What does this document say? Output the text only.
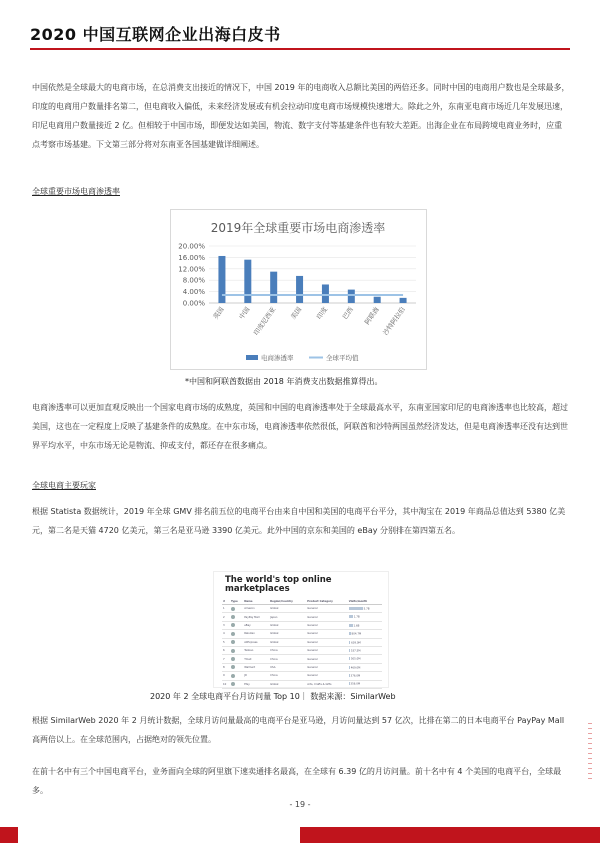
2020 中国互联网企业出海白皮书
中国依然是全球最大的电商市场，在总消费支出接近的情况下，中国 2019 年的电商收入总额比美国的两倍还多。同时中国的电商用户数也是全球最多，印度的电商用户数量排名第二，但电商收入偏低，未来经济发展或有机会拉动印度电商市场规模快速增大。除此之外，东南亚电商市场近几年发展迅速，印尼电商用户数量接近 2 亿。但相较于中国市场，即便发达如美国，物流、数字支付等基建条件也有较大差距。出海企业在布局跨境电商业务时，应重点考察市场基建。下文第三部分将对东南亚各国基建做详细阐述。
全球重要市场电商渗透率
2019年全球重要市场电商渗透率
20.00%
16.00%
12.00%
8.00%
4.00%
0.00%
英国 中国 印度尼西亚 美国 印度 巴西 阿联酋 沙特阿拉伯
电商渗透率	全球平均值
*中国和阿联酋数据由 2018 年消费支出数据推算得出。
电商渗透率可以更加直观反映出一个国家电商市场的成熟度，英国和中国的电商渗透率处于全球最高水平，东南亚国家印尼的电商渗透率也比较高，超过美国，这也在一定程度上反映了基建条件的成熟度。在中东市场，电商渗透率依然很低，阿联酋和沙特两国虽然经济发达，但是电商渗透率还没有达到世界平均水平，中东市场无论是物流、抑或支付，都还存在很多痛点。
全球电商主要玩家
根据 Statista 数据统计，2019 年全球 GMV 排名前五位的电商平台由来自中国和美国的电商平台平分，其中淘宝在 2019 年商品总值达到 5380 亿美元，第二名是天猫 4720 亿美元，第三名是亚马逊 3390 亿美元。此外中国的京东和美国的 eBay 分别排在第四第五名。
The world's top online
marketplaces
#	Type	Name	Region/Country	Product Category	Visits/month
1		Amazon	Global	General	5.7B
2		PayPay Mall	Japan	General	1.7B
3		eBay	Global	General	1.6B
4		Rakuten	Global	General	804.7M
5		AliExpress	Global	General	639.0M
6		Taobao	China	General	537.5M
7		Tmall	China	General	505.0M
8		Walmart	USA	General	469.0M
9		JD	China	General	376.0M
10		Etsy	Global	Arts, Crafts & Gifts	356.0M
2020 年 2 全球电商平台月访问量 Top 10｜ 数据来源：SimilarWeb
根据 SimilarWeb 2020 年 2 月统计数据，全球月访问量最高的电商平台是亚马逊，月访问量达到 57 亿次，比排在第二的日本电商平台 PayPay Mall 高两倍以上。在全球范围内，占据绝对的领先位置。
在前十名中有三个中国电商平台，业务面向全球的阿里旗下速卖通排名最高，在全球有 6.39 亿的月访问量。前十名中有 4 个美国的电商平台，全球最多。
- 19 -
